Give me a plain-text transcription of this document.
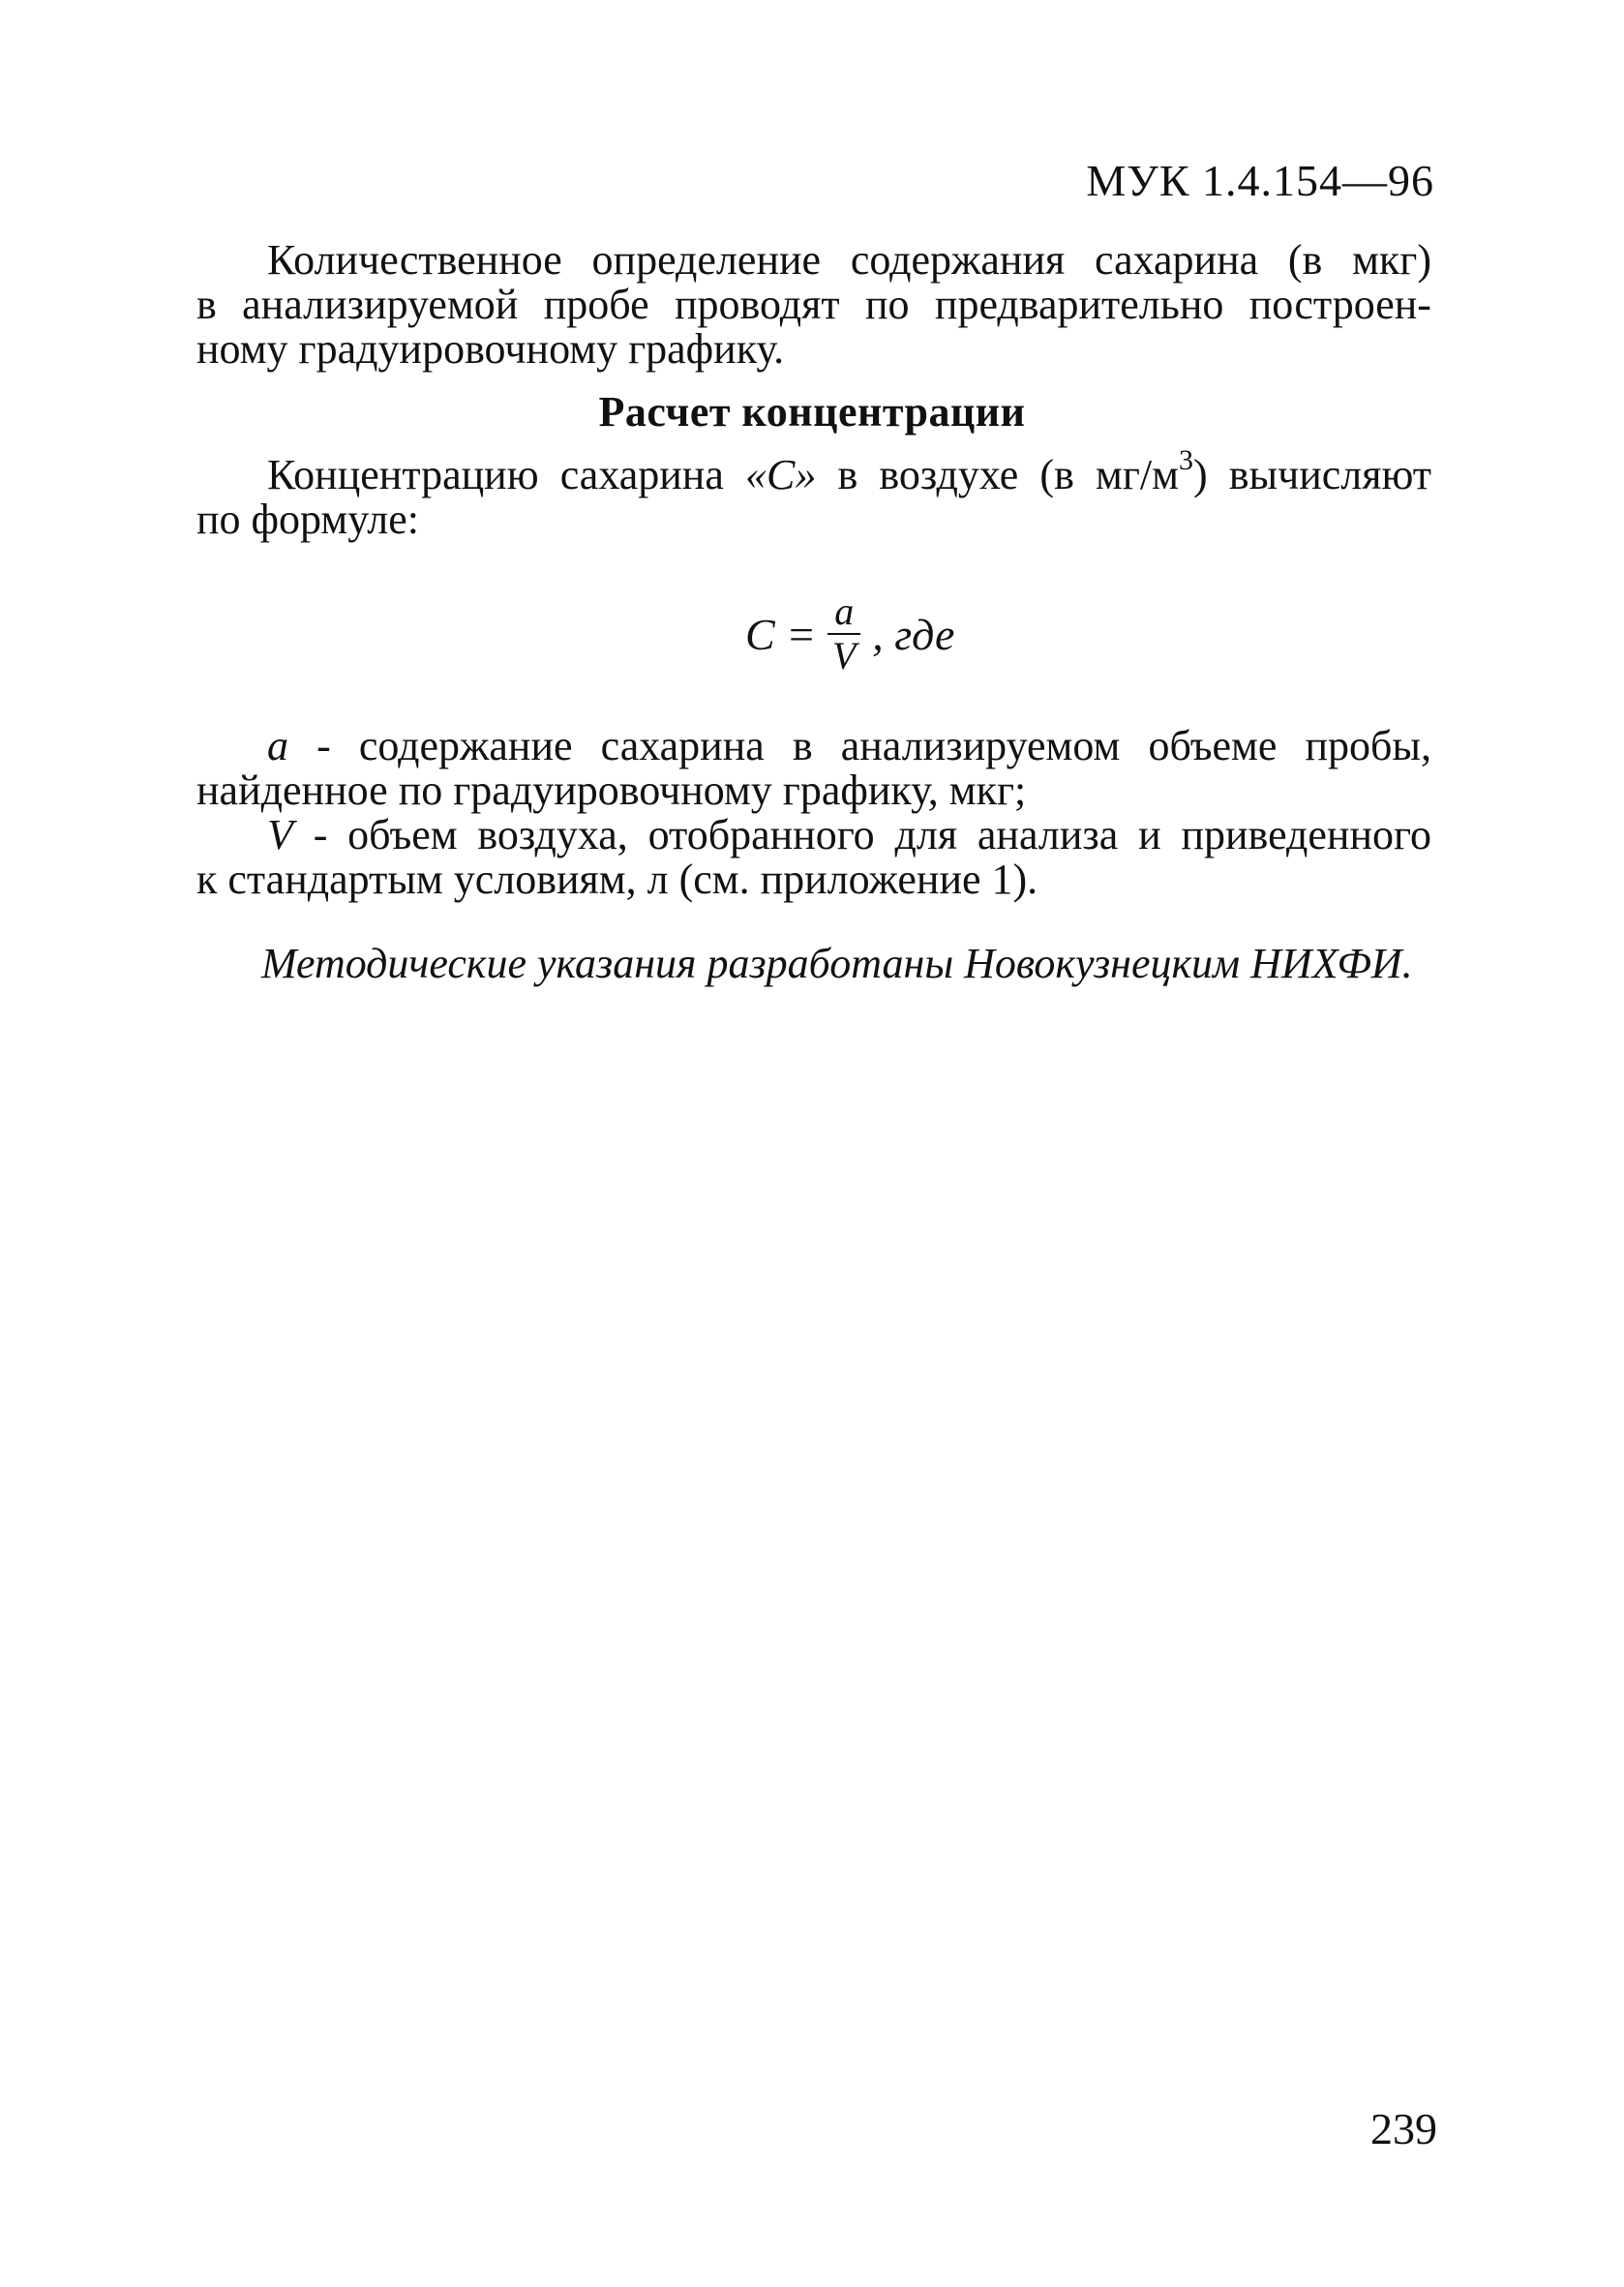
МУК 1.4.154—96
Количественное определение содержания сахарина (в мкг)
в анализируемой пробе проводят по предварительно построен-
ному градуировочному графику.
Расчет концентрации
Концентрацию сахарина «С» в воздухе (в $мг/м^3$) вычисляют
по формуле:
$C = \frac{a}{V}$ , где
a - содержание сахарина в анализируемом объеме пробы,
найденное по градуировочному графику, мкг;
V - объем воздуха, отобранного для анализа и приведенного
к стандартым условиям, л (см. приложение 1).
Методические указания разработаны Новокузнецким НИХФИ.
239
